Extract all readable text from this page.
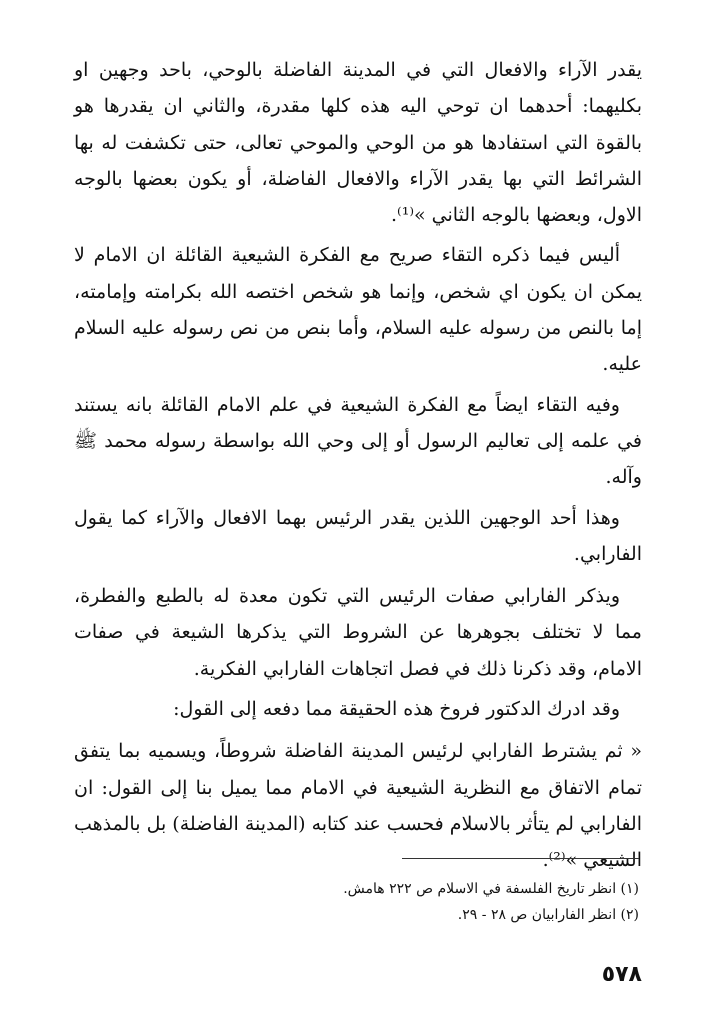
يقدر الآراء والافعال التي في المدينة الفاضلة بالوحي، باحد وجهين او بكليهما: أحدهما ان توحي اليه هذه كلها مقدرة، والثاني ان يقدرها هو بالقوة التي استفادها هو من الوحي والموحي تعالى، حتى تكشفت له بها الشرائط التي بها يقدر الآراء والافعال الفاضلة، أو يكون بعضها بالوجه الاول، وبعضها بالوجه الثاني »⁽¹⁾.

أليس فيما ذكره التقاء صريح مع الفكرة الشيعية القائلة ان الامام لا يمكن ان يكون اي شخص، وإنما هو شخص اختصه الله بكرامته وإمامته، إما بالنص من رسوله عليه السلام، وأما بنص من نص رسوله عليه السلام عليه.

وفيه التقاء ايضاً مع الفكرة الشيعية في علم الامام القائلة بانه يستند في علمه إلى تعاليم الرسول أو إلى وحي الله بواسطة رسوله محمد ﷺ وآله.

وهذا أحد الوجهين اللذين يقدر الرئيس بهما الافعال والآراء كما يقول الفارابي.

ويذكر الفارابي صفات الرئيس التي تكون معدة له بالطبع والفطرة، مما لا تختلف بجوهرها عن الشروط التي يذكرها الشيعة في صفات الامام، وقد ذكرنا ذلك في فصل اتجاهات الفارابي الفكرية.

وقد ادرك الدكتور فروخ هذه الحقيقة مما دفعه إلى القول:

« ثم يشترط الفارابي لرئيس المدينة الفاضلة شروطاً، ويسميه بما يتفق تمام الاتفاق مع النظرية الشيعية في الامام مما يميل بنا إلى القول: ان الفارابي لم يتأثر بالاسلام فحسب عند كتابه (المدينة الفاضلة) بل بالمذهب الشيعي »⁽²⁾.

(١) انظر تاريخ الفلسفة في الاسلام ص ٢٢٢ هامش.

(٢) انظر الفارابيان ص ٢٨ - ٢٩.

٥٧٨
